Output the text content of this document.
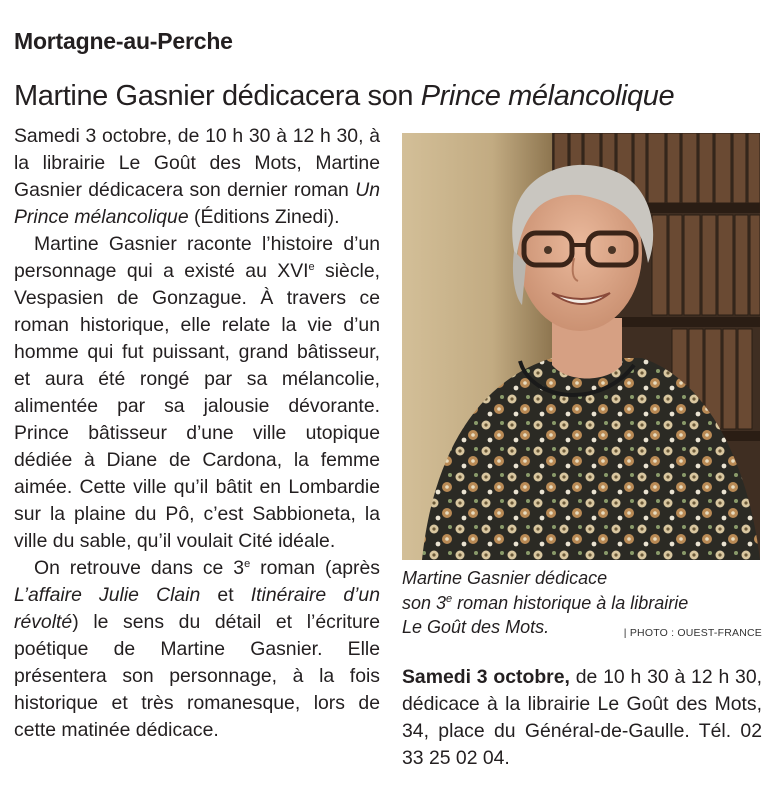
Mortagne-au-Perche
Martine Gasnier dédicacera son Prince mélancolique

Samedi 3 octobre, de 10 h 30 à 12 h 30, à la librairie Le Goût des Mots, Martine Gasnier dédicacera son dernier roman Un Prince mélancolique (Éditions Zinedi).

Martine Gasnier raconte l’histoire d’un personnage qui a existé au XVIe siècle, Vespasien de Gonzague. À travers ce roman historique, elle relate la vie d’un homme qui fut puissant, grand bâtisseur, et aura été rongé par sa mélancolie, alimentée par sa jalousie dévorante. Prince bâtisseur d’une ville utopique dédiée à Diane de Cardona, la femme aimée. Cette ville qu’il bâtit en Lombardie sur la plaine du Pô, c’est Sabbioneta, la ville du sable, qu’il voulait Cité idéale.

On retrouve dans ce 3e roman (après L’affaire Julie Clain et Itinéraire d’un révolté) le sens du détail et l’écriture poétique de Martine Gasnier. Elle présentera son personnage, à la fois historique et très romanesque, lors de cette matinée dédicace.

Martine Gasnier dédicace
son 3e roman historique à la librairie
Le Goût des Mots.	| PHOTO : OUEST-FRANCE

Samedi 3 octobre, de 10 h 30 à 12 h 30, dédicace à la librairie Le Goût des Mots, 34, place du Général-de-Gaulle. Tél. 02 33 25 02 04.
